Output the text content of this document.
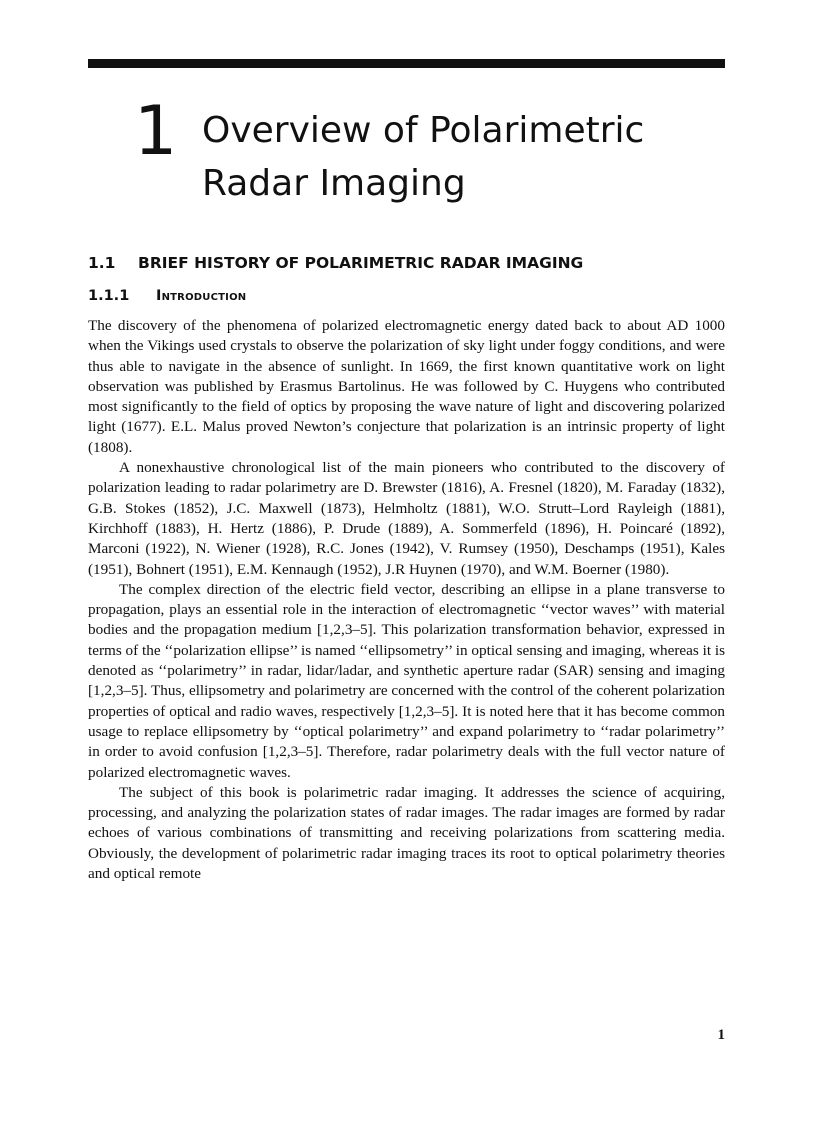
1 Overview of Polarimetric
Radar Imaging
1.1 BRIEF HISTORY OF POLARIMETRIC RADAR IMAGING
1.1.1 Introduction

The discovery of the phenomena of polarized electromagnetic energy dated back to about AD 1000 when the Vikings used crystals to observe the polarization of sky light under foggy conditions, and were thus able to navigate in the absence of sunlight. In 1669, the first known quantitative work on light observation was published by Erasmus Bartolinus. He was followed by C. Huygens who contributed most significantly to the field of optics by proposing the wave nature of light and discovering polarized light (1677). E.L. Malus proved Newton’s conjecture that polarization is an intrinsic property of light (1808).

A nonexhaustive chronological list of the main pioneers who contributed to the discovery of polarization leading to radar polarimetry are D. Brewster (1816), A. Fresnel (1820), M. Faraday (1832), G.B. Stokes (1852), J.C. Maxwell (1873), Helmholtz (1881), W.O. Strutt–Lord Rayleigh (1881), Kirchhoff (1883), H. Hertz (1886), P. Drude (1889), A. Sommerfeld (1896), H. Poincaré (1892), Marconi (1922), N. Wiener (1928), R.C. Jones (1942), V. Rumsey (1950), Deschamps (1951), Kales (1951), Bohnert (1951), E.M. Kennaugh (1952), J.R Huynen (1970), and W.M. Boerner (1980).

The complex direction of the electric field vector, describing an ellipse in a plane transverse to propagation, plays an essential role in the interaction of electromagnetic ‘‘vector waves’’ with material bodies and the propagation medium [1,2,3–5]. This polarization transformation behavior, expressed in terms of the ‘‘polarization ellipse’’ is named ‘‘ellipsometry’’ in optical sensing and imaging, whereas it is denoted as ‘‘polarimetry’’ in radar, lidar/ladar, and synthetic aperture radar (SAR) sensing and imaging [1,2,3–5]. Thus, ellipsometry and polarimetry are concerned with the control of the coherent polarization properties of optical and radio waves, respectively [1,2,3–5]. It is noted here that it has become common usage to replace ellipsometry by ‘‘optical polarimetry’’ and expand polarimetry to ‘‘radar polarimetry’’ in order to avoid confusion [1,2,3–5]. Therefore, radar polarimetry deals with the full vector nature of polarized electromagnetic waves.

The subject of this book is polarimetric radar imaging. It addresses the science of acquiring, processing, and analyzing the polarization states of radar images. The radar images are formed by radar echoes of various combinations of transmitting and receiving polarizations from scattering media. Obviously, the development of polarimetric radar imaging traces its root to optical polarimetry theories and optical remote

1
